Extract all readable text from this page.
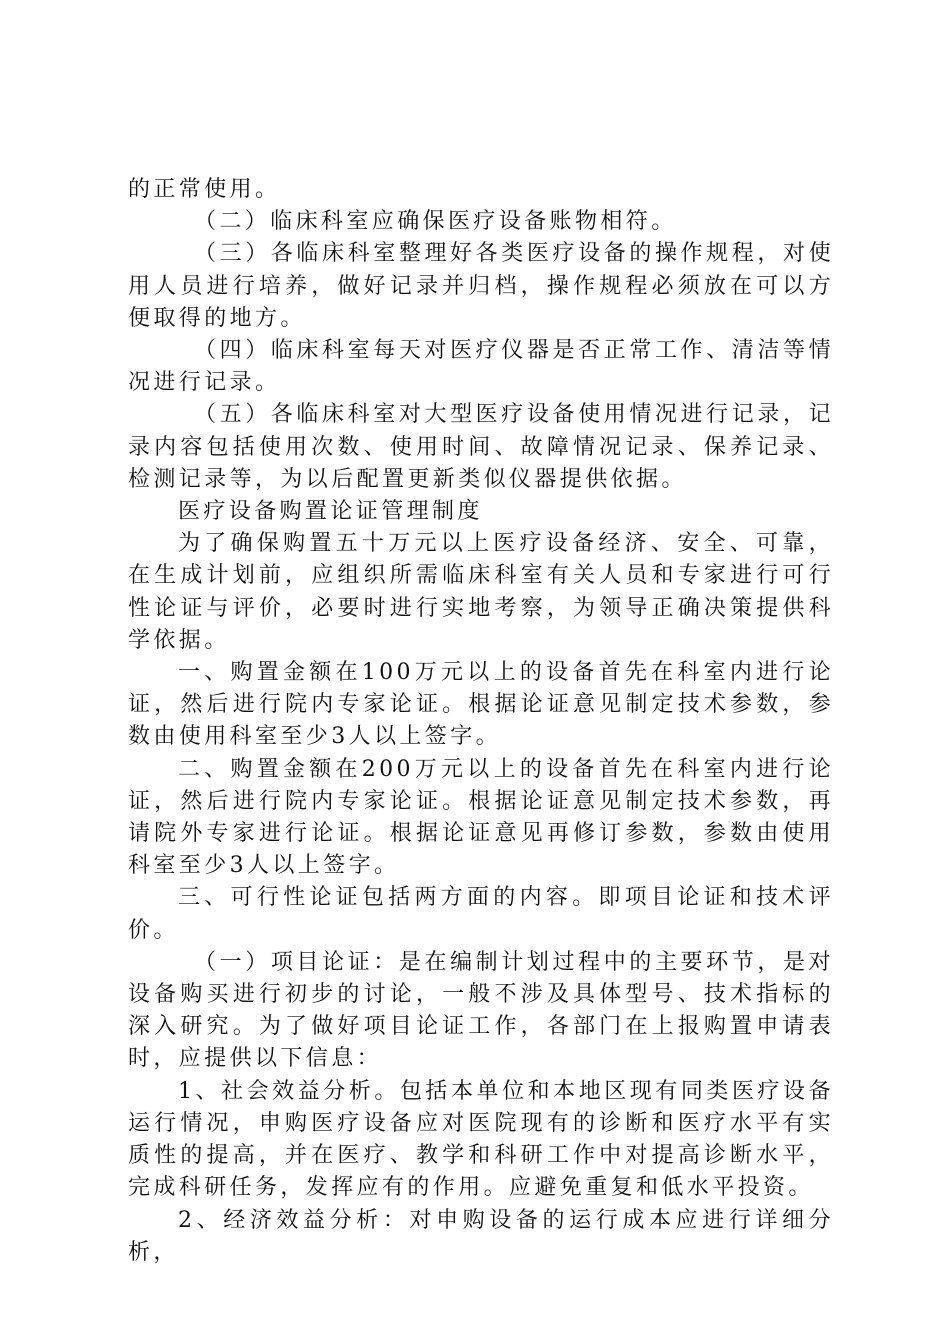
的正常使用。

（二）临床科室应确保医疗设备账物相符。

（三）各临床科室整理好各类医疗设备的操作规程，对使用人员进行培养，做好记录并归档，操作规程必须放在可以方便取得的地方。

（四）临床科室每天对医疗仪器是否正常工作、清洁等情况进行记录。

（五）各临床科室对大型医疗设备使用情况进行记录，记录内容包括使用次数、使用时间、故障情况记录、保养记录、检测记录等，为以后配置更新类似仪器提供依据。

医疗设备购置论证管理制度

为了确保购置五十万元以上医疗设备经济、安全、可靠，在生成计划前，应组织所需临床科室有关人员和专家进行可行性论证与评价，必要时进行实地考察，为领导正确决策提供科学依据。

一、购置金额在100万元以上的设备首先在科室内进行论证，然后进行院内专家论证。根据论证意见制定技术参数，参数由使用科室至少3人以上签字。

二、购置金额在200万元以上的设备首先在科室内进行论证，然后进行院内专家论证。根据论证意见制定技术参数，再请院外专家进行论证。根据论证意见再修订参数，参数由使用科室至少3人以上签字。

三、可行性论证包括两方面的内容。即项目论证和技术评价。

（一）项目论证：是在编制计划过程中的主要环节，是对设备购买进行初步的讨论，一般不涉及具体型号、技术指标的深入研究。为了做好项目论证工作，各部门在上报购置申请表时，应提供以下信息：

1、社会效益分析。包括本单位和本地区现有同类医疗设备运行情况，申购医疗设备应对医院现有的诊断和医疗水平有实质性的提高，并在医疗、教学和科研工作中对提高诊断水平，完成科研任务，发挥应有的作用。应避免重复和低水平投资。

2、经济效益分析：对申购设备的运行成本应进行详细分析，
